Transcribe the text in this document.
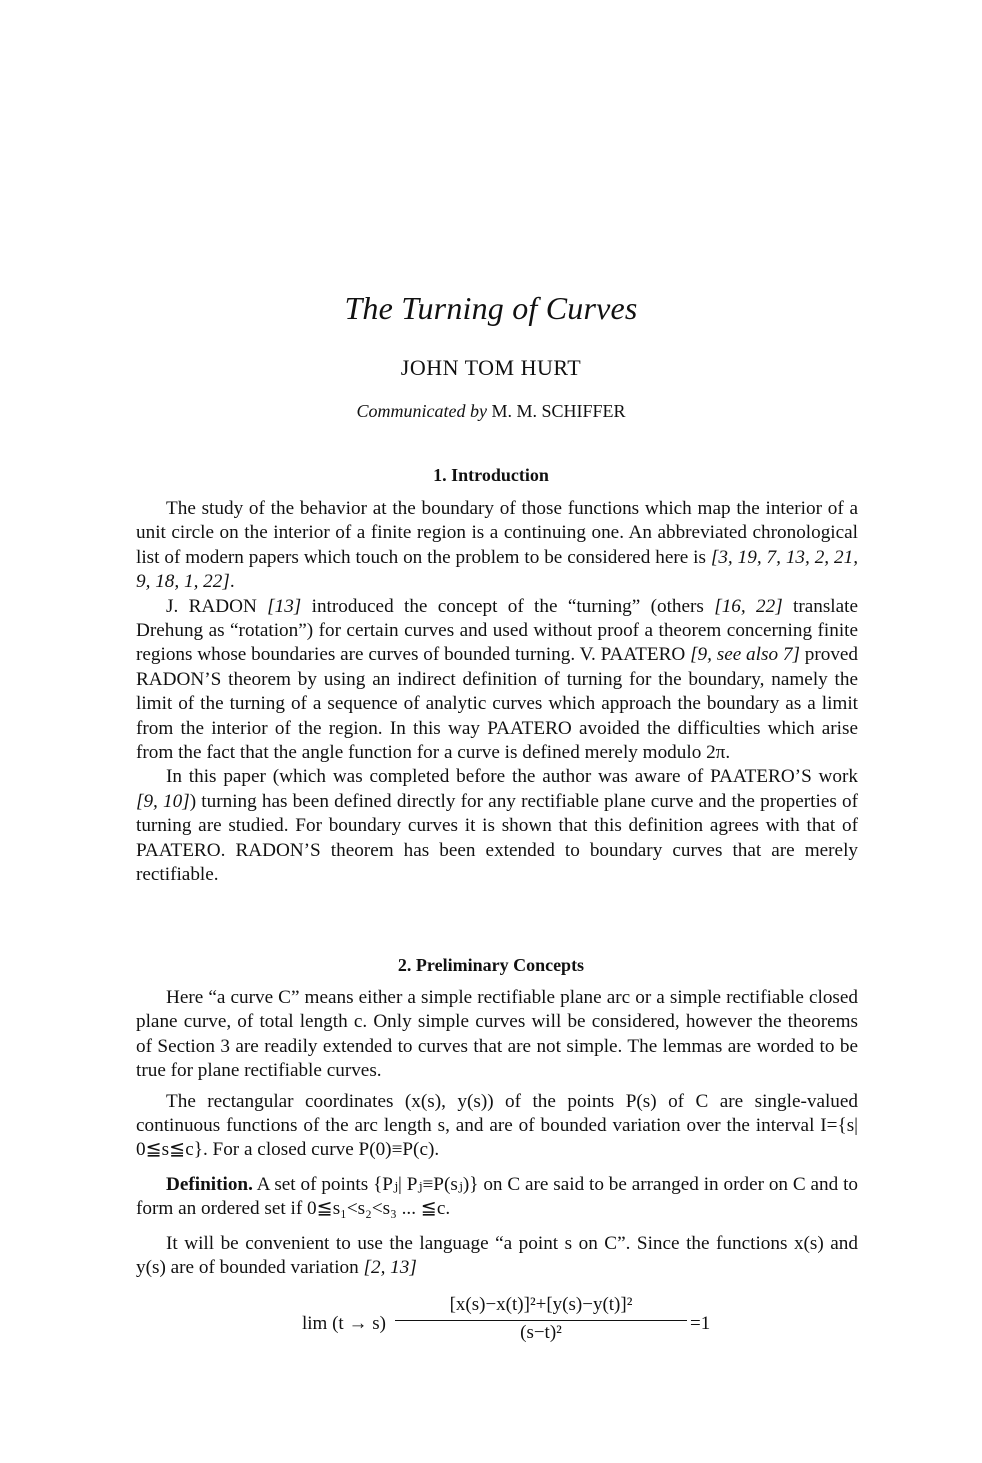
The Turning of Curves
JOHN TOM HURT
Communicated by M. M. SCHIFFER
1. Introduction

The study of the behavior at the boundary of those functions which map the interior of a unit circle on the interior of a finite region is a continuing one. An abbreviated chronological list of modern papers which touch on the problem to be considered here is [3, 19, 7, 13, 2, 21, 9, 18, 1, 22].

J. RADON [13] introduced the concept of the “turning” (others [16, 22] translate Drehung as “rotation”) for certain curves and used without proof a theorem concerning finite regions whose boundaries are curves of bounded turning. V. PAATERO [9, see also 7] proved RADON’S theorem by using an indirect definition of turning for the boundary, namely the limit of the turning of a sequence of analytic curves which approach the boundary as a limit from the interior of the region. In this way PAATERO avoided the difficulties which arise from the fact that the angle function for a curve is defined merely modulo 2π.

In this paper (which was completed before the author was aware of PAATERO’S work [9, 10]) turning has been defined directly for any rectifiable plane curve and the properties of turning are studied. For boundary curves it is shown that this definition agrees with that of PAATERO. RADON’S theorem has been extended to boundary curves that are merely rectifiable.

2. Preliminary Concepts

Here “a curve C” means either a simple rectifiable plane arc or a simple rectifiable closed plane curve, of total length c. Only simple curves will be considered, however the theorems of Section 3 are readily extended to curves that are not simple. The lemmas are worded to be true for plane rectifiable curves.

The rectangular coordinates (x(s), y(s)) of the points P(s) of C are single-valued continuous functions of the arc length s, and are of bounded variation over the interval I={s| 0≦s≦c}. For a closed curve P(0)≡P(c).

Definition. A set of points {Pⱼ| Pⱼ≡P(sⱼ)} on C are said to be arranged in order on C and to form an ordered set if 0≦s₁<s₂<s₃ ... ≦c.

It will be convenient to use the language “a point s on C”. Since the functions x(s) and y(s) are of bounded variation [2, 13]

lim (t → s)
[x(s)−x(t)]²+[y(s)−y(t)]²
(s−t)²	=1
